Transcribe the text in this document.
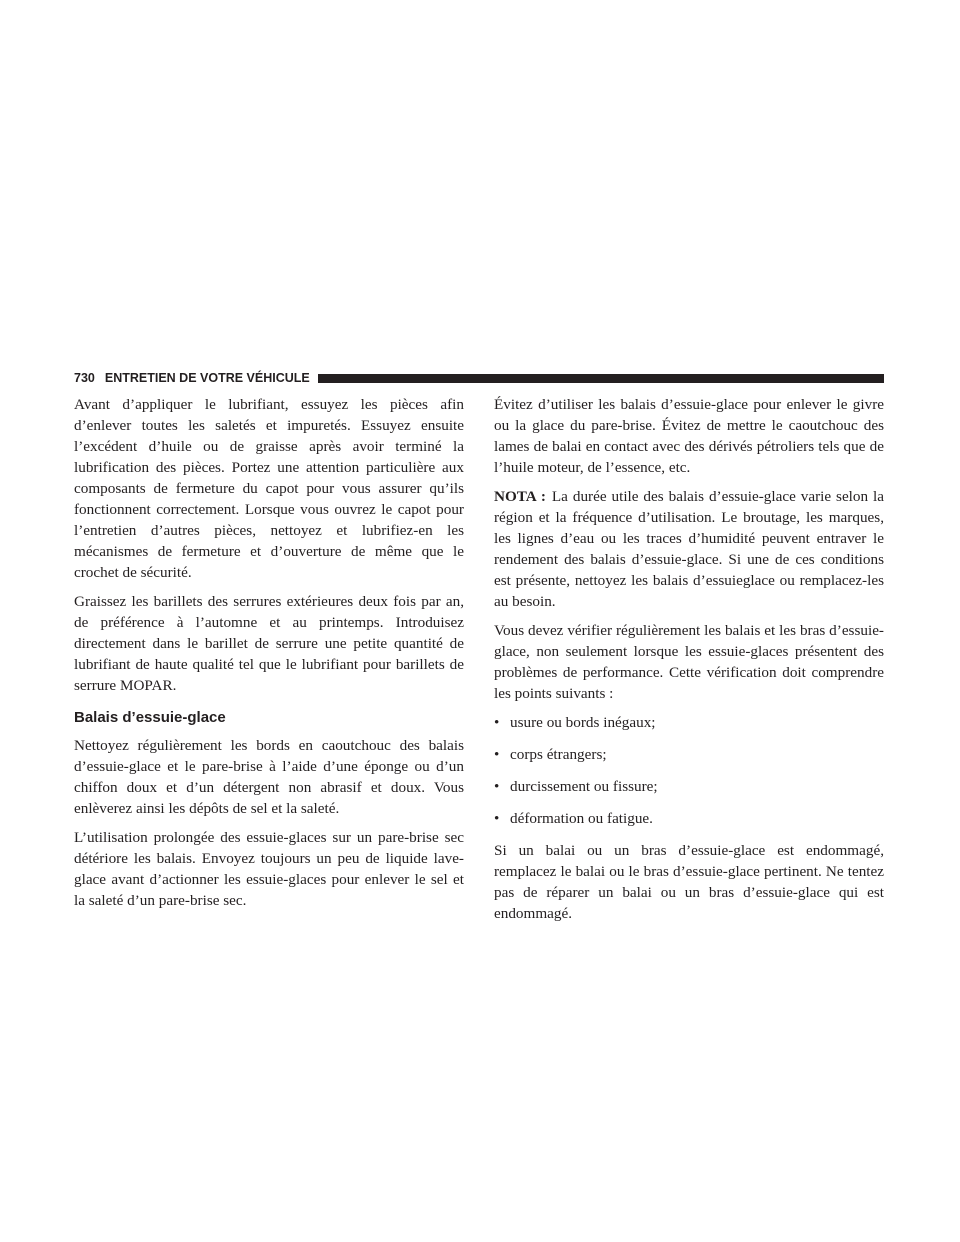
730 ENTRETIEN DE VOTRE VÉHICULE

Avant d’appliquer le lubrifiant, essuyez les pièces afin d’enlever toutes les saletés et impuretés. Essuyez ensuite l’excédent d’huile ou de graisse après avoir terminé la lubrification des pièces. Portez une attention particulière aux composants de fermeture du capot pour vous assurer qu’ils fonctionnent correctement. Lorsque vous ouvrez le capot pour l’entretien d’autres pièces, nettoyez et lubrifiez-en les mécanismes de fermeture et d’ouverture de même que le crochet de sécurité.

Graissez les barillets des serrures extérieures deux fois par an, de préférence à l’automne et au printemps. Introduisez directement dans le barillet de serrure une petite quantité de lubrifiant de haute qualité tel que le lubrifiant pour barillets de serrure MOPAR.

Balais d’essuie-glace

Nettoyez régulièrement les bords en caoutchouc des balais d’essuie-glace et le pare-brise à l’aide d’une éponge ou d’un chiffon doux et d’un détergent non abrasif et doux. Vous enlèverez ainsi les dépôts de sel et la saleté.

L’utilisation prolongée des essuie-glaces sur un pare-brise sec détériore les balais. Envoyez toujours un peu de liquide lave-glace avant d’actionner les essuie-glaces pour enlever le sel et la saleté d’un pare-brise sec.

Évitez d’utiliser les balais d’essuie-glace pour enlever le givre ou la glace du pare-brise. Évitez de mettre le caoutchouc des lames de balai en contact avec des dérivés pétroliers tels que de l’huile moteur, de l’essence, etc.

NOTA : La durée utile des balais d’essuie-glace varie selon la région et la fréquence d’utilisation. Le broutage, les marques, les lignes d’eau ou les traces d’humidité peuvent entraver le rendement des balais d’essuie-glace. Si une de ces conditions est présente, nettoyez les balais d’essuieglace ou remplacez-les au besoin.

Vous devez vérifier régulièrement les balais et les bras d’essuie-glace, non seulement lorsque les essuie-glaces présentent des problèmes de performance. Cette vérification doit comprendre les points suivants :

• usure ou bords inégaux;
• corps étrangers;
• durcissement ou fissure;
• déformation ou fatigue.

Si un balai ou un bras d’essuie-glace est endommagé, remplacez le balai ou le bras d’essuie-glace pertinent. Ne tentez pas de réparer un balai ou un bras d’essuie-glace qui est endommagé.
